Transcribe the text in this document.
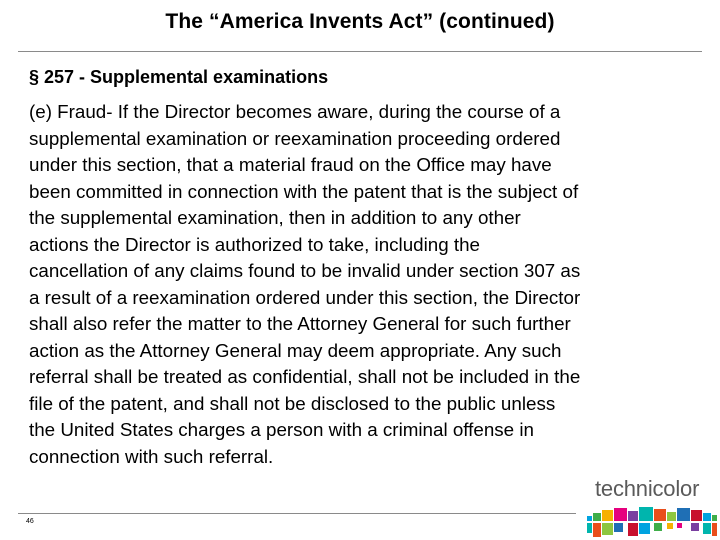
The “America Invents Act” (continued)
§ 257 - Supplemental examinations

(e) Fraud- If the Director becomes aware, during the course of a

supplemental examination or reexamination proceeding ordered

under this section, that a material fraud on the Office may have

been committed in connection with the patent that is the subject of

the supplemental examination, then in addition to any other

actions the Director is authorized to take, including the

cancellation of any claims found to be invalid under section 307 as

a result of a reexamination ordered under this section, the Director

shall also refer the matter to the Attorney General for such further

action as the Attorney General may deem appropriate. Any such

referral shall be treated as confidential, shall not be included in the

file of the patent, and shall not be disclosed to the public unless

the United States charges a person with a criminal offense in

connection with such referral.

46
technicolor
